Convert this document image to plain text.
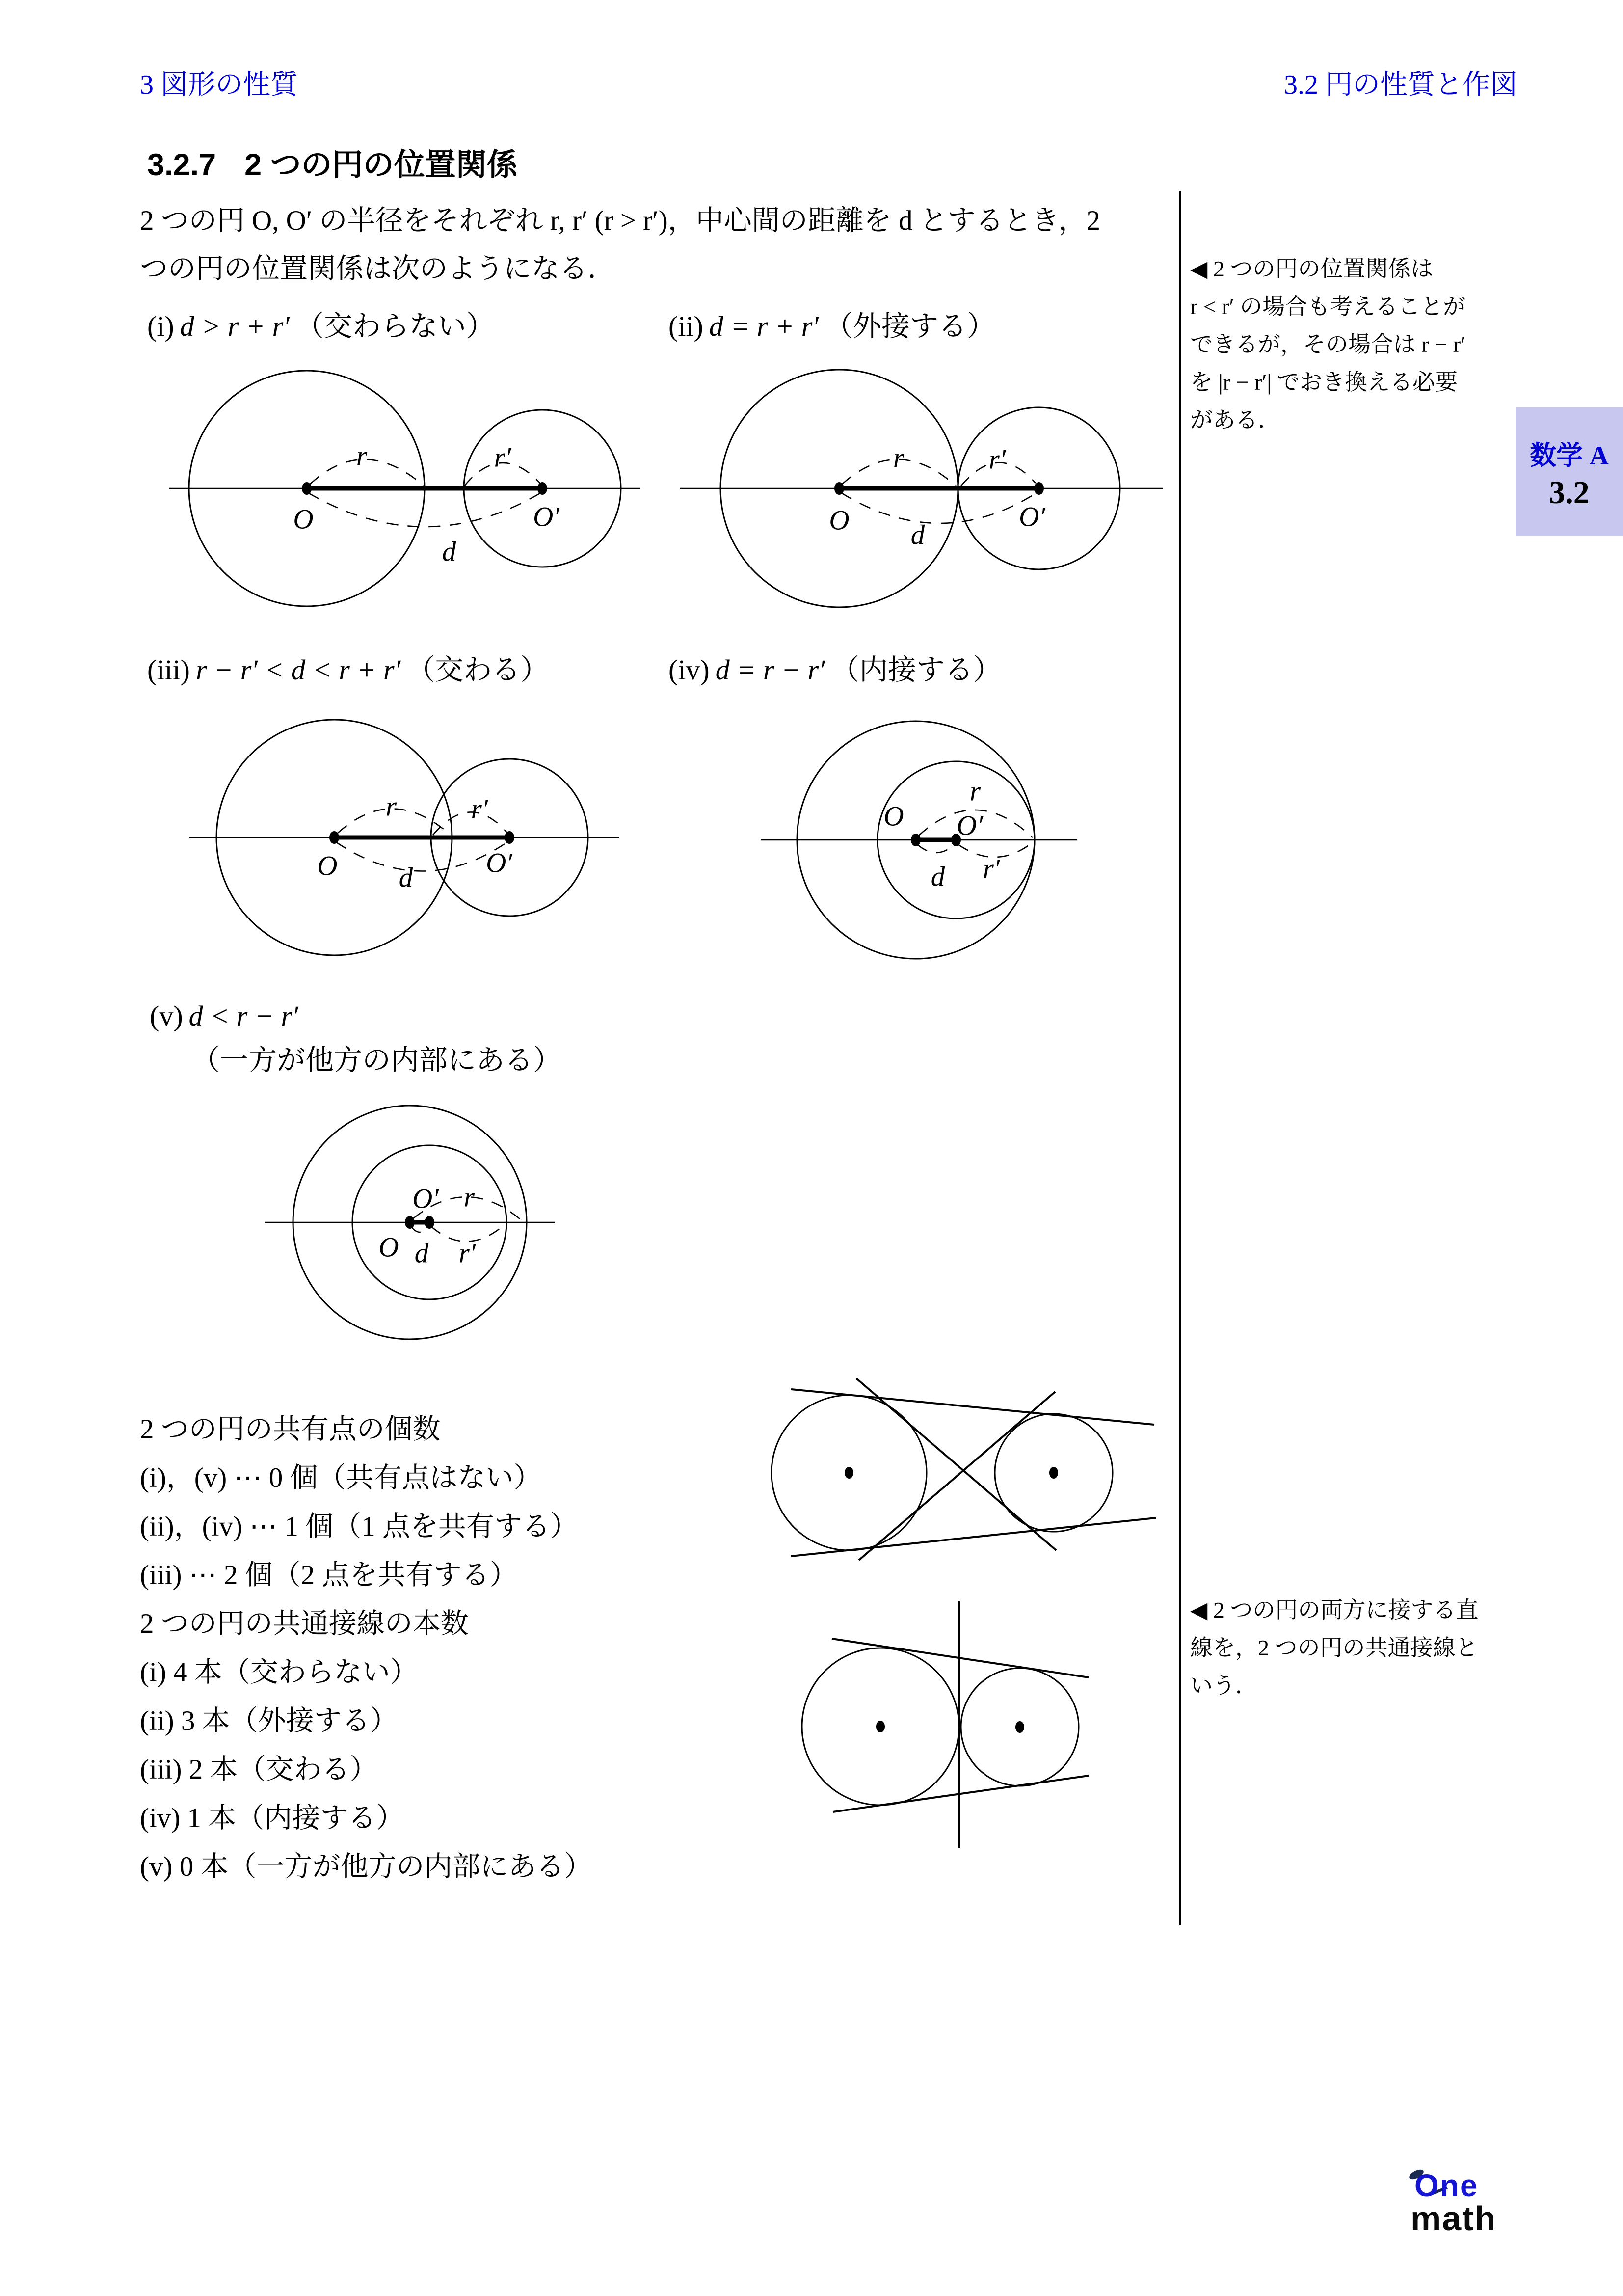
3 図形の性質	3.2 円の性質と作図
3.2.7 2 つの円の位置関係
2 つの円 O, O′ の半径をそれぞれ r, r′ (r > r′)，中心間の距離を d とするとき，2
つの円の位置関係は次のようになる．	◀ 2 つの円の位置関係は
r < r′ の場合も考えることが
できるが，その場合は r − r′
を |r − r′| でおき換える必要
がある．
数学 A
3.2
(i) d > r + r′ （交わらない）	(ii) d = r + r′ （外接する）
(iii) r − r′ < d < r + r′ （交わる）	(iv) d = r − r′ （内接する）
(v) d < r − r′
（一方が他方の内部にある）
r	r′
d
O	O′
r	r′
d
O	O′
r	r′
d
O	O′
r
r′
d
O O′
r
r′
d
O
O′
2 つの円の共有点の個数
(i)，(v) ⋯ 0 個（共有点はない）
(ii)，(iv) ⋯ 1 個（1 点を共有する）
(iii) ⋯ 2 個（2 点を共有する）
2 つの円の共通接線の本数
(i) 4 本（交わらない）
(ii) 3 本（外接する）
(iii) 2 本（交わる）
(iv) 1 本（内接する）
(v) 0 本（一方が他方の内部にある）
◀ 2 つの円の両方に接する直
線を，2 つの円の共通接線と
いう．
One
math
